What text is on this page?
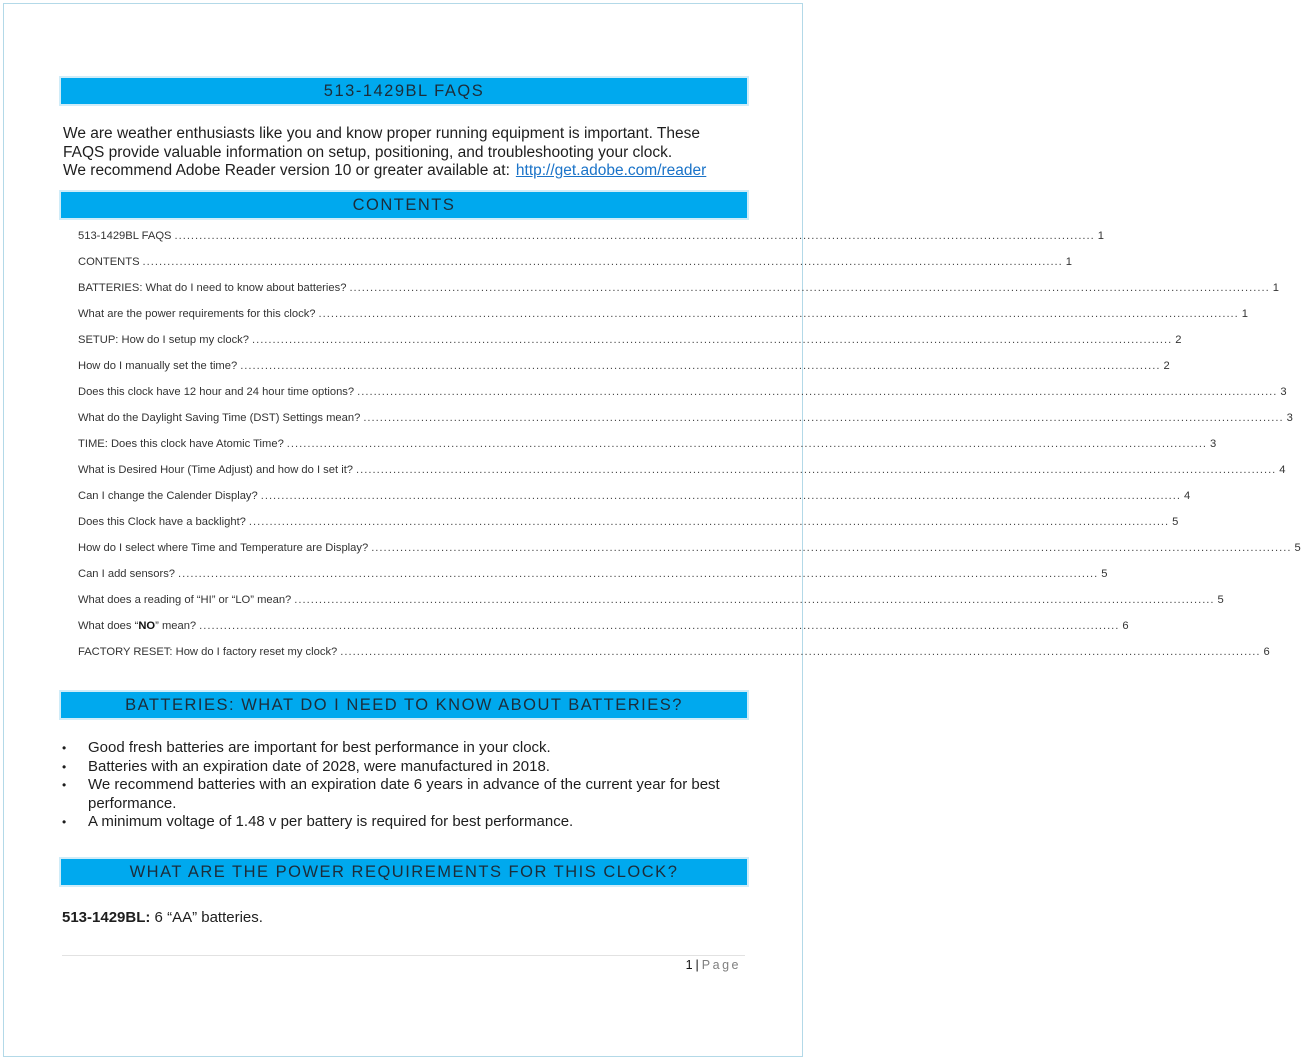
513-1429BL FAQS
We are weather enthusiasts like you and know proper running equipment is important. These
FAQS provide valuable information on setup, positioning, and troubleshooting your clock.
We recommend Adobe Reader version 10 or greater available at: http://get.adobe.com/reader
CONTENTS
513-1429BL FAQS ................................................................................................................................................................................................................................ 1
CONTENTS ................................................................................................................................................................................................................................ 1
BATTERIES: What do I need to know about batteries? ................................................................................................................................................................................................................................ 1
What are the power requirements for this clock? ................................................................................................................................................................................................................................ 1
SETUP: How do I setup my clock? ................................................................................................................................................................................................................................ 2
How do I manually set the time? ................................................................................................................................................................................................................................ 2
Does this clock have 12 hour and 24 hour time options? ................................................................................................................................................................................................................................ 3
What do the Daylight Saving Time (DST) Settings mean? ................................................................................................................................................................................................................................ 3
TIME: Does this clock have Atomic Time? ................................................................................................................................................................................................................................ 3
What is Desired Hour (Time Adjust) and how do I set it? ................................................................................................................................................................................................................................ 4
Can I change the Calender Display? ................................................................................................................................................................................................................................ 4
Does this Clock have a backlight? ................................................................................................................................................................................................................................ 5
How do I select where Time and Temperature are Display? ................................................................................................................................................................................................................................ 5
Can I add sensors? ................................................................................................................................................................................................................................ 5
What does a reading of “HI” or “LO” mean? ................................................................................................................................................................................................................................ 5
What does “NO” mean? ................................................................................................................................................................................................................................ 6
FACTORY RESET: How do I factory reset my clock? ................................................................................................................................................................................................................................ 6
BATTERIES: WHAT DO I NEED TO KNOW ABOUT BATTERIES?
• Good fresh batteries are important for best performance in your clock.
• Batteries with an expiration date of 2028, were manufactured in 2018.
• We recommend batteries with an expiration date 6 years in advance of the current year for best performance.
• A minimum voltage of 1.48 v per battery is required for best performance.
WHAT ARE THE POWER REQUIREMENTS FOR THIS CLOCK?
513-1429BL: 6 “AA” batteries.
1 | Page
